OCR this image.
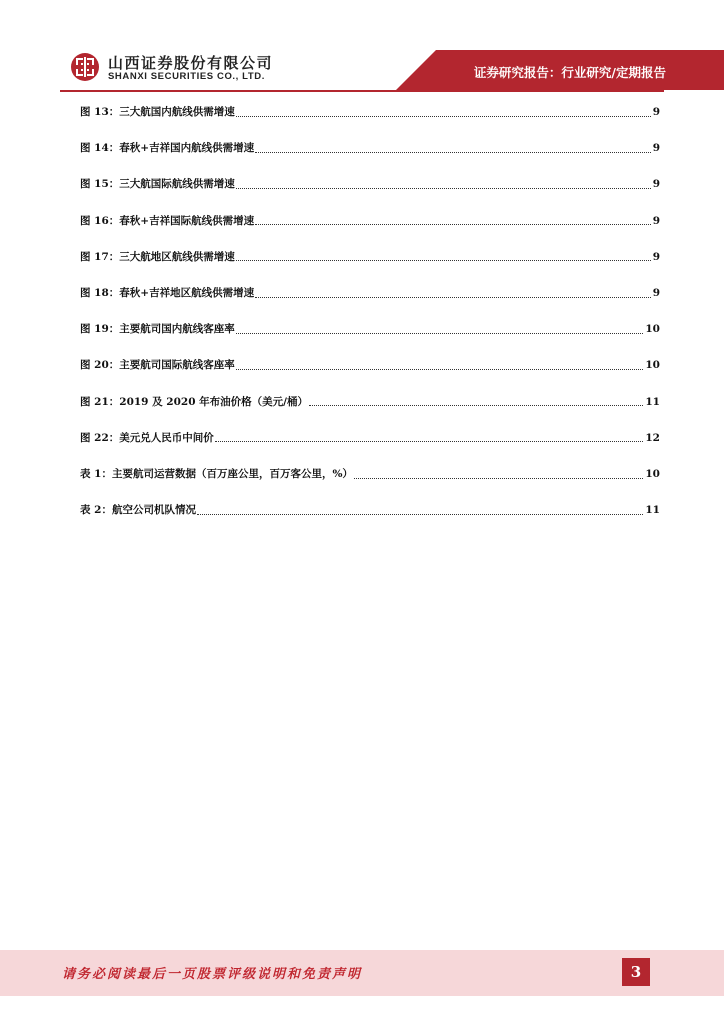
山西证券股份有限公司
SHANXI SECURITIES CO., LTD.	证券研究报告：行业研究/定期报告
图 13：三大航国内航线供需增速	9
图 14：春秋+吉祥国内航线供需增速	9
图 15：三大航国际航线供需增速	9
图 16：春秋+吉祥国际航线供需增速	9
图 17：三大航地区航线供需增速	9
图 18：春秋+吉祥地区航线供需增速	9
图 19：主要航司国内航线客座率	10
图 20：主要航司国际航线客座率	10
图 21：2019 及 2020 年布油价格（美元/桶）	11
图 22：美元兑人民币中间价	12
表 1：主要航司运营数据（百万座公里，百万客公里，%）	10
表 2：航空公司机队情况	11
请务必阅读最后一页股票评级说明和免责声明	3
